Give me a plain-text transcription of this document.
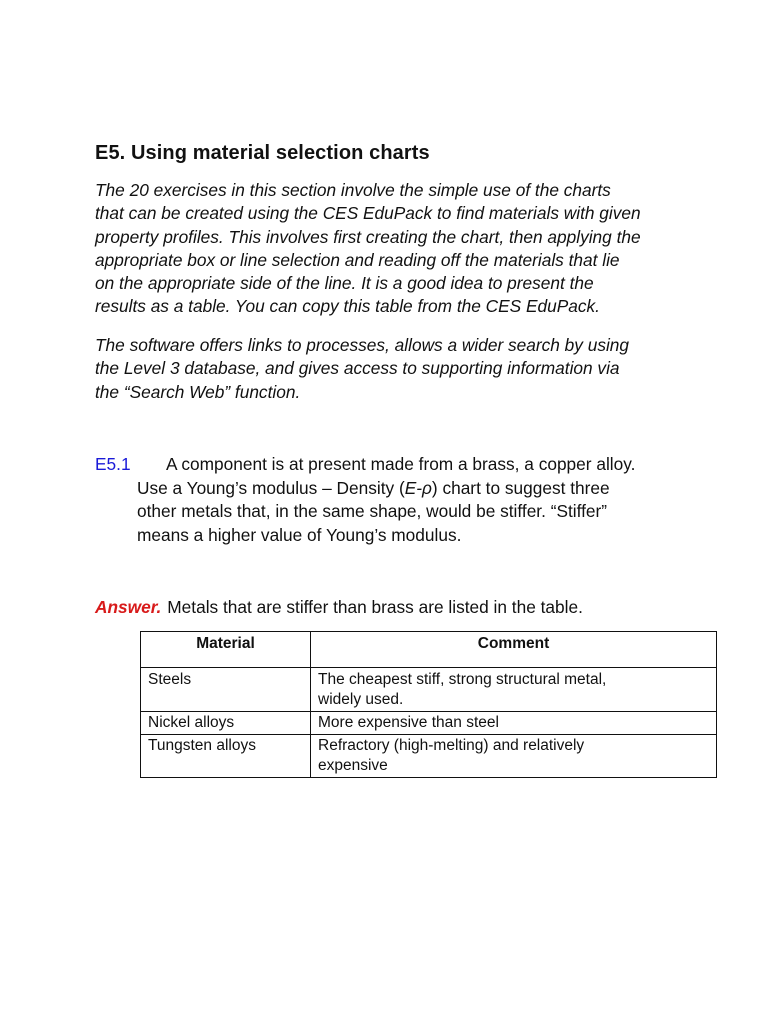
E5. Using material selection charts

The 20 exercises in this section involve the simple use of the charts
that can be created using the CES EduPack to find materials with given
property profiles. This involves first creating the chart, then applying the
appropriate box or line selection and reading off the materials that lie
on the appropriate side of the line. It is a good idea to present the
results as a table. You can copy this table from the CES EduPack.

The software offers links to processes, allows a wider search by using
the Level 3 database, and gives access to supporting information via
the “Search Web” function.

E5.1 A component is at present made from a brass, a copper alloy.
Use a Young’s modulus – Density (E-ρ) chart to suggest three
other metals that, in the same shape, would be stiffer. “Stiffer”
means a higher value of Young’s modulus.
Answer. Metals that are stiffer than brass are listed in the table.
Material	Comment
Steels	The cheapest stiff, strong structural metal,
widely used.

Nickel alloys	More expensive than steel

Tungsten alloys	Refractory (high-melting) and relatively
expensive
